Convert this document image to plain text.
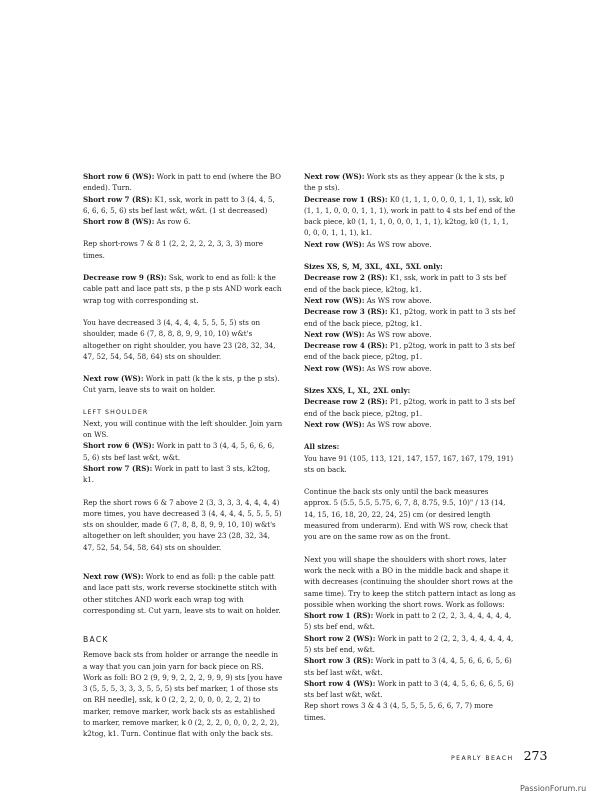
Short row 6 (WS): Work in patt to end (where the BO ended). Turn.
Short row 7 (RS): K1, ssk, work in patt to 3 (4, 4, 5, 6, 6, 6, 5, 6) sts bef last w&t, w&t. (1 st decreased)
Short row 8 (WS): As row 6.

Rep short-rows 7 & 8 1 (2, 2, 2, 2, 2, 3, 3, 3) more times.

Decrease row 9 (RS): Ssk, work to end as foll: k the cable patt and lace patt sts, p the p sts AND work each wrap tog with corresponding st.

You have decreased 3 (4, 4, 4, 4, 5, 5, 5, 5) sts on shoulder, made 6 (7, 8, 8, 8, 9, 9, 10, 10) w&t's altogether on right shoulder, you have 23 (28, 32, 34, 47, 52, 54, 54, 58, 64) sts on shoulder.

Next row (WS): Work in patt (k the k sts, p the p sts). Cut yarn, leave sts to wait on holder.

LEFT SHOULDER

Next, you will continue with the left shoulder. Join yarn on WS.

Short row 6 (WS): Work in patt to 3 (4, 4, 5, 6, 6, 6, 5, 6) sts bef last w&t, w&t.
Short row 7 (RS): Work in patt to last 3 sts, k2tog, k1.

Rep the short rows 6 & 7 above 2 (3, 3, 3, 3, 4, 4, 4, 4) more times, you have decreased 3 (4, 4, 4, 4, 5, 5, 5, 5) sts on shoulder, made 6 (7, 8, 8, 8, 9, 9, 10, 10) w&t's altogether on left shoulder, you have 23 (28, 32, 34, 47, 52, 54, 54, 58, 64) sts on shoulder.

Next row (WS): Work to end as foll: p the cable patt and lace patt sts, work reverse stockinette stitch with other stitches AND work each wrap tog with corresponding st. Cut yarn, leave sts to wait on holder.

BACK

Remove back sts from holder or arrange the needle in a way that you can join yarn for back piece on RS. Work as foll: BO 2 (9, 9, 9, 2, 2, 2, 9, 9, 9) sts [you have 3 (5, 5, 5, 3, 3, 3, 5, 5, 5) sts bef marker, 1 of those sts on RH needle], ssk, k 0 (2, 2, 2, 0, 0, 0, 2, 2, 2) to marker, remove marker, work back sts as established to marker, remove marker, k 0 (2, 2, 2, 0, 0, 0, 2, 2, 2), k2tog, k1. Turn. Continue flat with only the back sts.

Next row (WS): Work sts as they appear (k the k sts, p the p sts).

Decrease row 1 (RS): K0 (1, 1, 1, 0, 0, 0, 1, 1, 1), ssk, k0 (1, 1, 1, 0, 0, 0, 1, 1, 1), work in patt to 4 sts bef end of the back piece, k0 (1, 1, 1, 0, 0, 0, 1, 1, 1), k2tog, k0 (1, 1, 1, 0, 0, 0, 1, 1, 1), k1.
Next row (WS): As WS row above.

Sizes XS, S, M, 3XL, 4XL, 5XL only:
Decrease row 2 (RS): K1, ssk, work in patt to 3 sts bef end of the back piece, k2tog, k1.
Next row (WS): As WS row above.
Decrease row 3 (RS): K1, p2tog, work in patt to 3 sts bef end of the back piece, p2tog, k1.
Next row (WS): As WS row above.
Decrease row 4 (RS): P1, p2tog, work in patt to 3 sts bef end of the back piece, p2tog, p1.
Next row (WS): As WS row above.

Sizes XXS, L, XL, 2XL only:
Decrease row 2 (RS): P1, p2tog, work in patt to 3 sts bef end of the back piece, p2tog, p1.
Next row (WS): As WS row above.

All sizes:
You have 91 (105, 113, 121, 147, 157, 167, 167, 179, 191) sts on back.

Continue the back sts only until the back measures approx. 5 (5.5, 5.5, 5.75, 6, 7, 8, 8.75, 9.5, 10)" / 13 (14, 14, 15, 16, 18, 20, 22, 24, 25) cm (or desired length measured from underarm). End with WS row, check that you are on the same row as on the front.

Next you will shape the shoulders with short rows, later work the neck with a BO in the middle back and shape it with decreases (continuing the shoulder short rows at the same time). Try to keep the stitch pattern intact as long as possible when working the short rows. Work as follows:

Short row 1 (RS): Work in patt to 2 (2, 2, 3, 4, 4, 4, 4, 4, 5) sts bef end, w&t.
Short row 2 (WS): Work in patt to 2 (2, 2, 3, 4, 4, 4, 4, 4, 5) sts bef end, w&t.
Short row 3 (RS): Work in patt to 3 (4, 4, 5, 6, 6, 6, 5, 6) sts bef last w&t, w&t.
Short row 4 (WS): Work in patt to 3 (4, 4, 5, 6, 6, 6, 5, 6) sts bef last w&t, w&t.
Rep short rows 3 & 4 3 (4, 5, 5, 5, 5, 6, 6, 7, 7) more times.

PEARLY BEACH 273
PassionForum.ru
